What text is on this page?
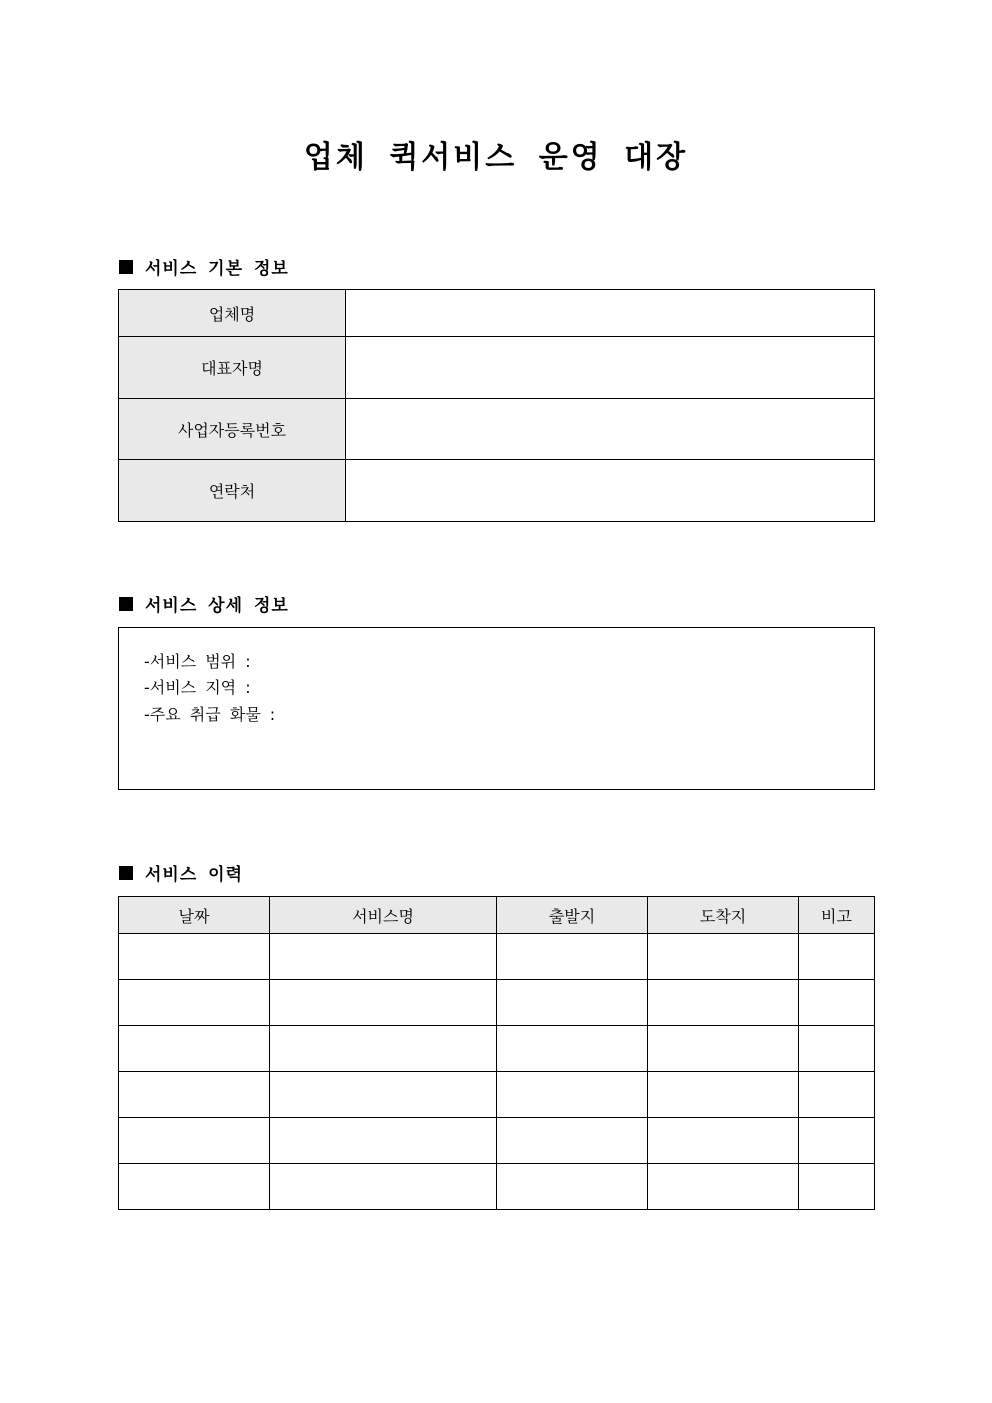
업체 퀵서비스 운영 대장
서비스 기본 정보
업체명	
대표자명	
사업자등록번호	
연락처	
서비스 상세 정보
-서비스 범위 :
-서비스 지역 :
-주요 취급 화물 :
서비스 이력
날짜	서비스명	출발지	도착지	비고
